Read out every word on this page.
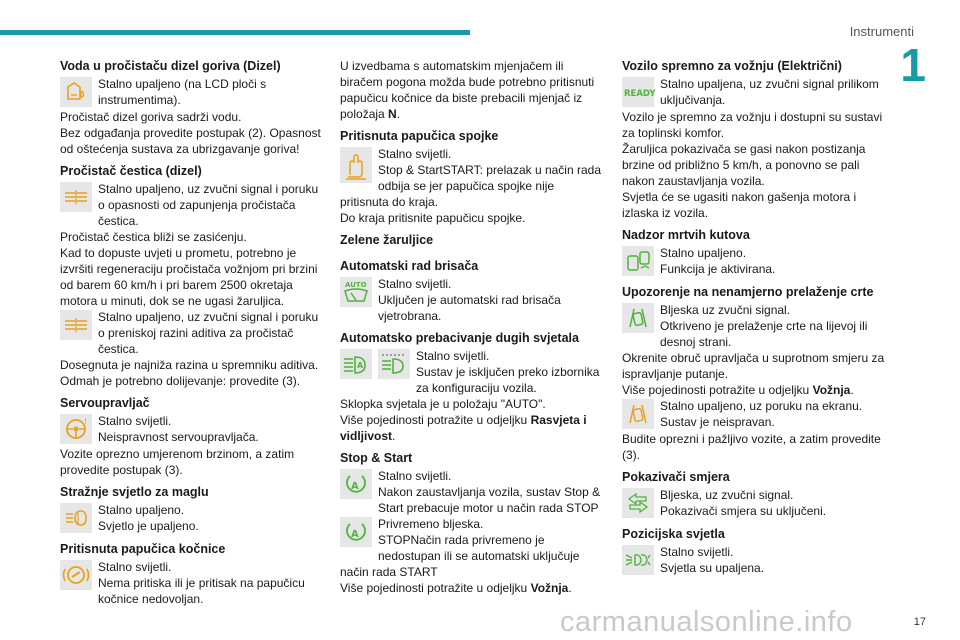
Instrumenti
1
Voda u pročistaču dizel goriva (Dizel)

Stalno upaljeno (na LCD ploči s instrumentima).

Pročistač dizel goriva sadrži vodu.

Bez odgađanja provedite postupak (2). Opasnost od oštećenja sustava za ubrizgavanje goriva!

Pročistač čestica (dizel)

Stalno upaljeno, uz zvučni signal i poruku o opasnosti od zapunjenja pročistača čestica.

Pročistač čestica bliži se zasićenju.

Kad to dopuste uvjeti u prometu, potrebno je izvršiti regeneraciju pročistača vožnjom pri brzini od barem 60 km/h i pri barem 2500 okretaja motora u minuti, dok se ne ugasi žaruljica.

Stalno upaljeno, uz zvučni signal i poruku o preniskoj razini aditiva za pročistač čestica.

Dosegnuta je najniža razina u spremniku aditiva.

Odmah je potrebno dolijevanje: provedite (3).

Servoupravljač
! Stalno svijetli.

Neispravnost servoupravljača.

Vozite oprezno umjerenom brzinom, a zatim provedite postupak (3).

Stražnje svjetlo za maglu

Stalno upaljeno.

Svjetlo je upaljeno.

Pritisnuta papučica kočnice

Stalno svijetli.

Nema pritiska ili je pritisak na papučicu kočnice nedovoljan.

U izvedbama s automatskim mjenjačem ili biračem pogona možda bude potrebno pritisnuti papučicu kočnice da biste prebacili mjenjač iz položaja N.

Pritisnuta papučica spojke

Stalno svijetli.

Stop & StartSTART: prelazak u način rada odbija se jer papučica spojke nije pritisnuta do kraja.

Do kraja pritisnite papučicu spojke.

Zelene žaruljice
Automatski rad brisača
AUTO Stalno svijetli.

Uključen je automatski rad brisača vjetrobrana.

Automatsko prebacivanje dugih svjetala
A

Stalno svijetli.

Sustav je isključen preko izbornika za konfiguraciju vozila.

Sklopka svjetala je u položaju "AUTO".

Više pojedinosti potražite u odjeljku Rasvjeta i vidljivost.

Stop & Start
A

Stalno svijetli.

Nakon zaustavljanja vozila, sustav Stop & Start prebacuje motor u način rada STOP

A

Privremeno bljeska.

STOPNačin rada privremeno je nedostupan ili se automatski uključuje način rada START

Više pojedinosti potražite u odjeljku Vožnja.

Vozilo spremno za vožnju (Električni)
READY

Stalno upaljena, uz zvučni signal prilikom uključivanja.

Vozilo je spremno za vožnju i dostupni su sustavi za toplinski komfor.

Žaruljica pokazivača se gasi nakon postizanja brzine od približno 5 km/h, a ponovno se pali nakon zaustavljanja vozila.

Svjetla će se ugasiti nakon gašenja motora i izlaska iz vozila.

Nadzor mrtvih kutova

Stalno upaljeno.

Funkcija je aktivirana.

Upozorenje na nenamjerno prelaženje crte

Bljeska uz zvučni signal.

Otkriveno je prelaženje crte na lijevoj ili desnoj strani.

Okrenite obruč upravljača u suprotnom smjeru za ispravljanje putanje.

Više pojedinosti potražite u odjeljku Vožnja.

Stalno upaljeno, uz poruku na ekranu.

Sustav je neispravan.

Budite oprezni i pažljivo vozite, a zatim provedite (3).

Pokazivači smjera

Bljeska, uz zvučni signal.

Pokazivači smjera su uključeni.

Pozicijska svjetla

Stalno svijetli.

Svjetla su upaljena.

carmanualsonline.info	17
